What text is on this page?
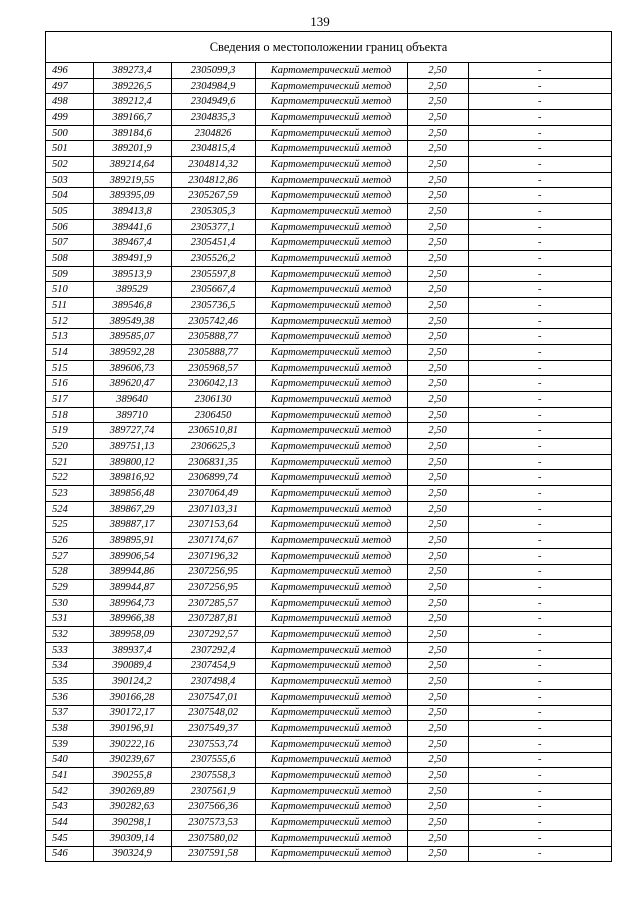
139
Сведения о местоположении границ объекта
496	389273,4	2305099,3	Картометрический метод	2,50	-
497	389226,5	2304984,9	Картометрический метод	2,50	-
498	389212,4	2304949,6	Картометрический метод	2,50	-
499	389166,7	2304835,3	Картометрический метод	2,50	-
500	389184,6	2304826	Картометрический метод	2,50	-
501	389201,9	2304815,4	Картометрический метод	2,50	-
502	389214,64	2304814,32	Картометрический метод	2,50	-
503	389219,55	2304812,86	Картометрический метод	2,50	-
504	389395,09	2305267,59	Картометрический метод	2,50	-
505	389413,8	2305305,3	Картометрический метод	2,50	-
506	389441,6	2305377,1	Картометрический метод	2,50	-
507	389467,4	2305451,4	Картометрический метод	2,50	-
508	389491,9	2305526,2	Картометрический метод	2,50	-
509	389513,9	2305597,8	Картометрический метод	2,50	-
510	389529	2305667,4	Картометрический метод	2,50	-
511	389546,8	2305736,5	Картометрический метод	2,50	-
512	389549,38	2305742,46	Картометрический метод	2,50	-
513	389585,07	2305888,77	Картометрический метод	2,50	-
514	389592,28	2305888,77	Картометрический метод	2,50	-
515	389606,73	2305968,57	Картометрический метод	2,50	-
516	389620,47	2306042,13	Картометрический метод	2,50	-
517	389640	2306130	Картометрический метод	2,50	-
518	389710	2306450	Картометрический метод	2,50	-
519	389727,74	2306510,81	Картометрический метод	2,50	-
520	389751,13	2306625,3	Картометрический метод	2,50	-
521	389800,12	2306831,35	Картометрический метод	2,50	-
522	389816,92	2306899,74	Картометрический метод	2,50	-
523	389856,48	2307064,49	Картометрический метод	2,50	-
524	389867,29	2307103,31	Картометрический метод	2,50	-
525	389887,17	2307153,64	Картометрический метод	2,50	-
526	389895,91	2307174,67	Картометрический метод	2,50	-
527	389906,54	2307196,32	Картометрический метод	2,50	-
528	389944,86	2307256,95	Картометрический метод	2,50	-
529	389944,87	2307256,95	Картометрический метод	2,50	-
530	389964,73	2307285,57	Картометрический метод	2,50	-
531	389966,38	2307287,81	Картометрический метод	2,50	-
532	389958,09	2307292,57	Картометрический метод	2,50	-
533	389937,4	2307292,4	Картометрический метод	2,50	-
534	390089,4	2307454,9	Картометрический метод	2,50	-
535	390124,2	2307498,4	Картометрический метод	2,50	-
536	390166,28	2307547,01	Картометрический метод	2,50	-
537	390172,17	2307548,02	Картометрический метод	2,50	-
538	390196,91	2307549,37	Картометрический метод	2,50	-
539	390222,16	2307553,74	Картометрический метод	2,50	-
540	390239,67	2307555,6	Картометрический метод	2,50	-
541	390255,8	2307558,3	Картометрический метод	2,50	-
542	390269,89	2307561,9	Картометрический метод	2,50	-
543	390282,63	2307566,36	Картометрический метод	2,50	-
544	390298,1	2307573,53	Картометрический метод	2,50	-
545	390309,14	2307580,02	Картометрический метод	2,50	-
546	390324,9	2307591,58	Картометрический метод	2,50	-
